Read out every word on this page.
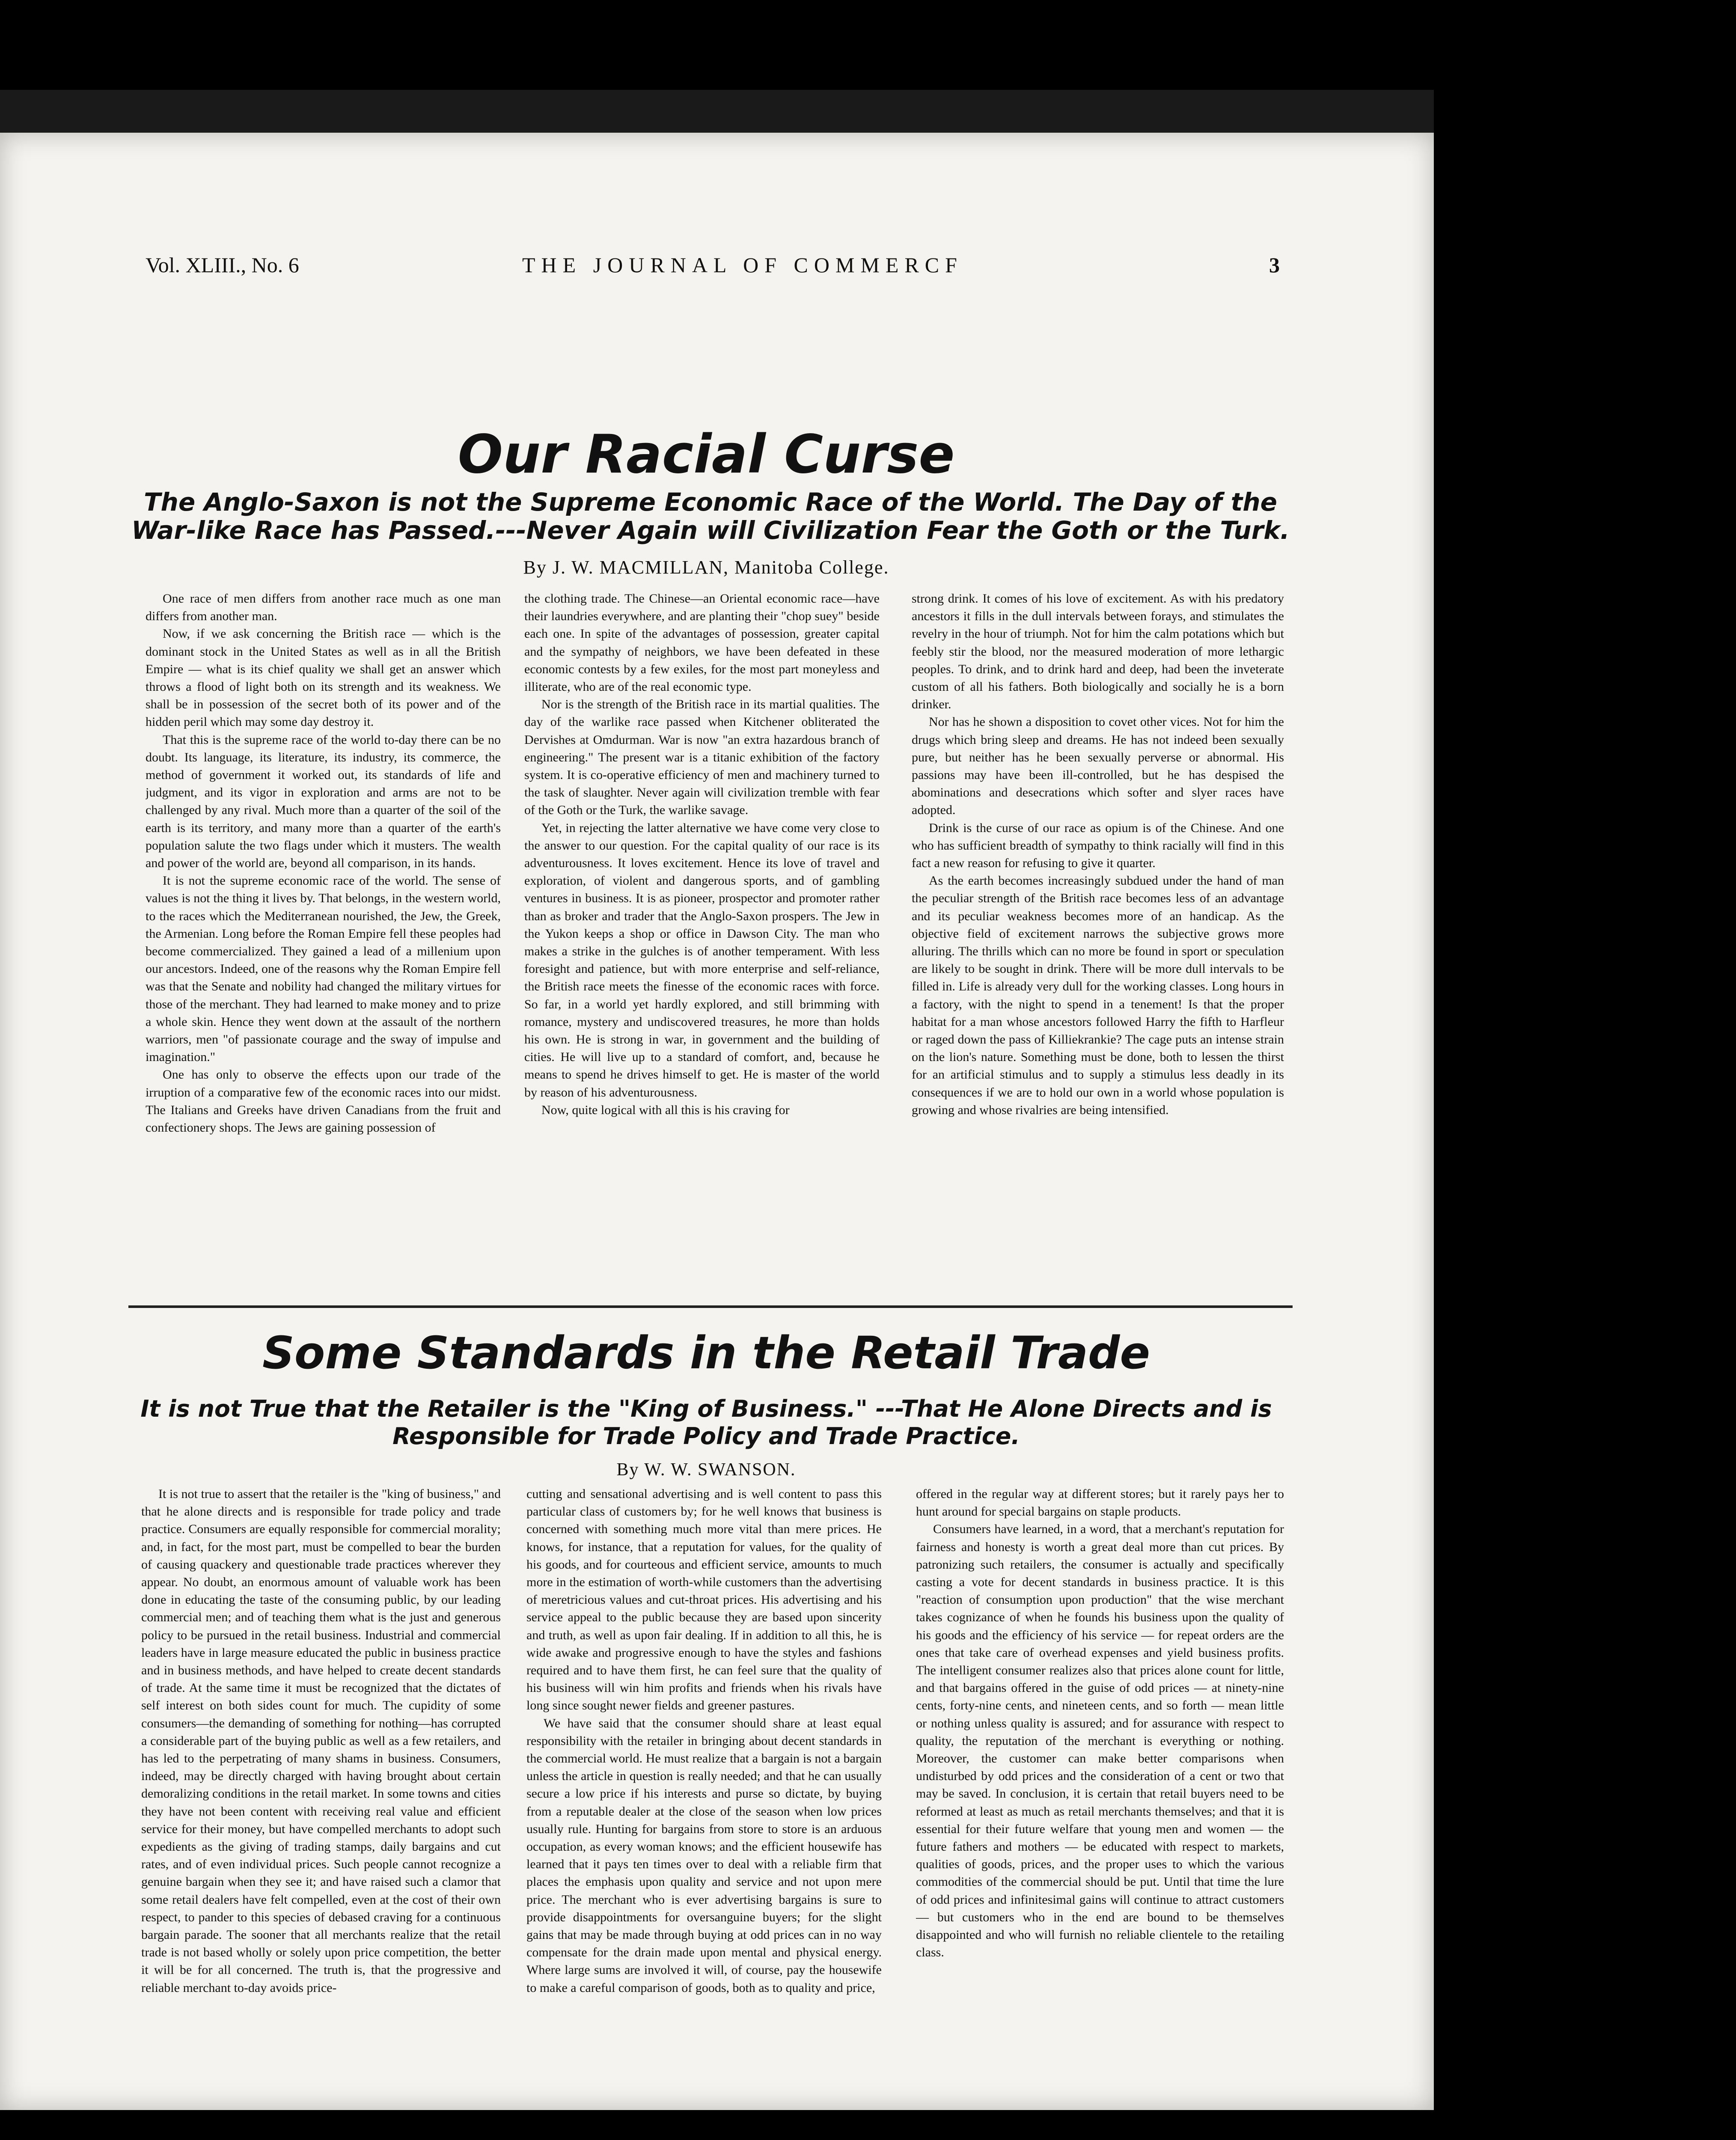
Vol. XLIII., No. 6	THE JOURNAL OF COMMERCF	3
Our Racial Curse
The Anglo-Saxon is not the Supreme Economic Race of the World. The Day of the War-like Race has Passed.---Never Again will Civilization Fear the Goth or the Turk.

By J. W. MACMILLAN, Manitoba College.

One race of men differs from another race much as one man differs from another man.

Now, if we ask concerning the British race — which is the dominant stock in the United States as well as in all the British Empire — what is its chief quality we shall get an answer which throws a flood of light both on its strength and its weakness. We shall be in possession of the secret both of its power and of the hidden peril which may some day destroy it.

That this is the supreme race of the world to-day there can be no doubt. Its language, its literature, its industry, its commerce, the method of government it worked out, its standards of life and judgment, and its vigor in exploration and arms are not to be challenged by any rival. Much more than a quarter of the soil of the earth is its territory, and many more than a quarter of the earth's population salute the two flags under which it musters. The wealth and power of the world are, beyond all comparison, in its hands.

It is not the supreme economic race of the world. The sense of values is not the thing it lives by. That belongs, in the western world, to the races which the Mediterranean nourished, the Jew, the Greek, the Armenian. Long before the Roman Empire fell these peoples had become commercialized. They gained a lead of a millenium upon our ancestors. Indeed, one of the reasons why the Roman Empire fell was that the Senate and nobility had changed the military virtues for those of the merchant. They had learned to make money and to prize a whole skin. Hence they went down at the assault of the northern warriors, men "of passionate courage and the sway of impulse and imagination."

One has only to observe the effects upon our trade of the irruption of a comparative few of the economic races into our midst. The Italians and Greeks have driven Canadians from the fruit and confectionery shops. The Jews are gaining possession of

the clothing trade. The Chinese—an Oriental economic race—have their laundries everywhere, and are planting their "chop suey" beside each one. In spite of the advantages of possession, greater capital and the sympathy of neighbors, we have been defeated in these economic contests by a few exiles, for the most part moneyless and illiterate, who are of the real economic type.

Nor is the strength of the British race in its martial qualities. The day of the warlike race passed when Kitchener obliterated the Dervishes at Omdurman. War is now "an extra hazardous branch of engineering." The present war is a titanic exhibition of the factory system. It is co-operative efficiency of men and machinery turned to the task of slaughter. Never again will civilization tremble with fear of the Goth or the Turk, the warlike savage.

Yet, in rejecting the latter alternative we have come very close to the answer to our question. For the capital quality of our race is its adventurousness. It loves excitement. Hence its love of travel and exploration, of violent and dangerous sports, and of gambling ventures in business. It is as pioneer, prospector and promoter rather than as broker and trader that the Anglo-Saxon prospers. The Jew in the Yukon keeps a shop or office in Dawson City. The man who makes a strike in the gulches is of another temperament. With less foresight and patience, but with more enterprise and self-reliance, the British race meets the finesse of the economic races with force. So far, in a world yet hardly explored, and still brimming with romance, mystery and undiscovered treasures, he more than holds his own. He is strong in war, in government and the building of cities. He will live up to a standard of comfort, and, because he means to spend he drives himself to get. He is master of the world by reason of his adventurousness.

Now, quite logical with all this is his craving for

strong drink. It comes of his love of excitement. As with his predatory ancestors it fills in the dull intervals between forays, and stimulates the revelry in the hour of triumph. Not for him the calm potations which but feebly stir the blood, nor the measured moderation of more lethargic peoples. To drink, and to drink hard and deep, had been the inveterate custom of all his fathers. Both biologically and socially he is a born drinker.

Nor has he shown a disposition to covet other vices. Not for him the drugs which bring sleep and dreams. He has not indeed been sexually pure, but neither has he been sexually perverse or abnormal. His passions may have been ill-controlled, but he has despised the abominations and desecrations which softer and slyer races have adopted.

Drink is the curse of our race as opium is of the Chinese. And one who has sufficient breadth of sympathy to think racially will find in this fact a new reason for refusing to give it quarter.

As the earth becomes increasingly subdued under the hand of man the peculiar strength of the British race becomes less of an advantage and its peculiar weakness becomes more of an handicap. As the objective field of excitement narrows the subjective grows more alluring. The thrills which can no more be found in sport or speculation are likely to be sought in drink. There will be more dull intervals to be filled in. Life is already very dull for the working classes. Long hours in a factory, with the night to spend in a tenement! Is that the proper habitat for a man whose ancestors followed Harry the fifth to Harfleur or raged down the pass of Killiekrankie? The cage puts an intense strain on the lion's nature. Something must be done, both to lessen the thirst for an artificial stimulus and to supply a stimulus less deadly in its consequences if we are to hold our own in a world whose population is growing and whose rivalries are being intensified.

Some Standards in the Retail Trade
It is not True that the Retailer is the "King of Business." ---That He Alone Directs and is Responsible for Trade Policy and Trade Practice.

By W. W. SWANSON.

It is not true to assert that the retailer is the "king of business," and that he alone directs and is responsible for trade policy and trade practice. Consumers are equally responsible for commercial morality; and, in fact, for the most part, must be compelled to bear the burden of causing quackery and questionable trade practices wherever they appear. No doubt, an enormous amount of valuable work has been done in educating the taste of the consuming public, by our leading commercial men; and of teaching them what is the just and generous policy to be pursued in the retail business. Industrial and commercial leaders have in large measure educated the public in business practice and in business methods, and have helped to create decent standards of trade. At the same time it must be recognized that the dictates of self interest on both sides count for much. The cupidity of some consumers—the demanding of something for nothing—has corrupted a considerable part of the buying public as well as a few retailers, and has led to the perpetrating of many shams in business. Consumers, indeed, may be directly charged with having brought about certain demoralizing conditions in the retail market. In some towns and cities they have not been content with receiving real value and efficient service for their money, but have compelled merchants to adopt such expedients as the giving of trading stamps, daily bargains and cut rates, and of even individual prices. Such people cannot recognize a genuine bargain when they see it; and have raised such a clamor that some retail dealers have felt compelled, even at the cost of their own respect, to pander to this species of debased craving for a continuous bargain parade. The sooner that all merchants realize that the retail trade is not based wholly or solely upon price competition, the better it will be for all concerned. The truth is, that the progressive and reliable merchant to-day avoids price-

cutting and sensational advertising and is well content to pass this particular class of customers by; for he well knows that business is concerned with something much more vital than mere prices. He knows, for instance, that a reputation for values, for the quality of his goods, and for courteous and efficient service, amounts to much more in the estimation of worth-while customers than the advertising of meretricious values and cut-throat prices. His advertising and his service appeal to the public because they are based upon sincerity and truth, as well as upon fair dealing. If in addition to all this, he is wide awake and progressive enough to have the styles and fashions required and to have them first, he can feel sure that the quality of his business will win him profits and friends when his rivals have long since sought newer fields and greener pastures.

We have said that the consumer should share at least equal responsibility with the retailer in bringing about decent standards in the commercial world. He must realize that a bargain is not a bargain unless the article in question is really needed; and that he can usually secure a low price if his interests and purse so dictate, by buying from a reputable dealer at the close of the season when low prices usually rule. Hunting for bargains from store to store is an arduous occupation, as every woman knows; and the efficient housewife has learned that it pays ten times over to deal with a reliable firm that places the emphasis upon quality and service and not upon mere price. The merchant who is ever advertising bargains is sure to provide disappointments for oversanguine buyers; for the slight gains that may be made through buying at odd prices can in no way compensate for the drain made upon mental and physical energy. Where large sums are involved it will, of course, pay the housewife to make a careful comparison of goods, both as to quality and price,

offered in the regular way at different stores; but it rarely pays her to hunt around for special bargains on staple products.

Consumers have learned, in a word, that a merchant's reputation for fairness and honesty is worth a great deal more than cut prices. By patronizing such retailers, the consumer is actually and specifically casting a vote for decent standards in business practice. It is this "reaction of consumption upon production" that the wise merchant takes cognizance of when he founds his business upon the quality of his goods and the efficiency of his service — for repeat orders are the ones that take care of overhead expenses and yield business profits. The intelligent consumer realizes also that prices alone count for little, and that bargains offered in the guise of odd prices — at ninety-nine cents, forty-nine cents, and nineteen cents, and so forth — mean little or nothing unless quality is assured; and for assurance with respect to quality, the reputation of the merchant is everything or nothing. Moreover, the customer can make better comparisons when undisturbed by odd prices and the consideration of a cent or two that may be saved. In conclusion, it is certain that retail buyers need to be reformed at least as much as retail merchants themselves; and that it is essential for their future welfare that young men and women — the future fathers and mothers — be educated with respect to markets, qualities of goods, prices, and the proper uses to which the various commodities of the commercial should be put. Until that time the lure of odd prices and infinitesimal gains will continue to attract customers — but customers who in the end are bound to be themselves disappointed and who will furnish no reliable clientele to the retailing class.
